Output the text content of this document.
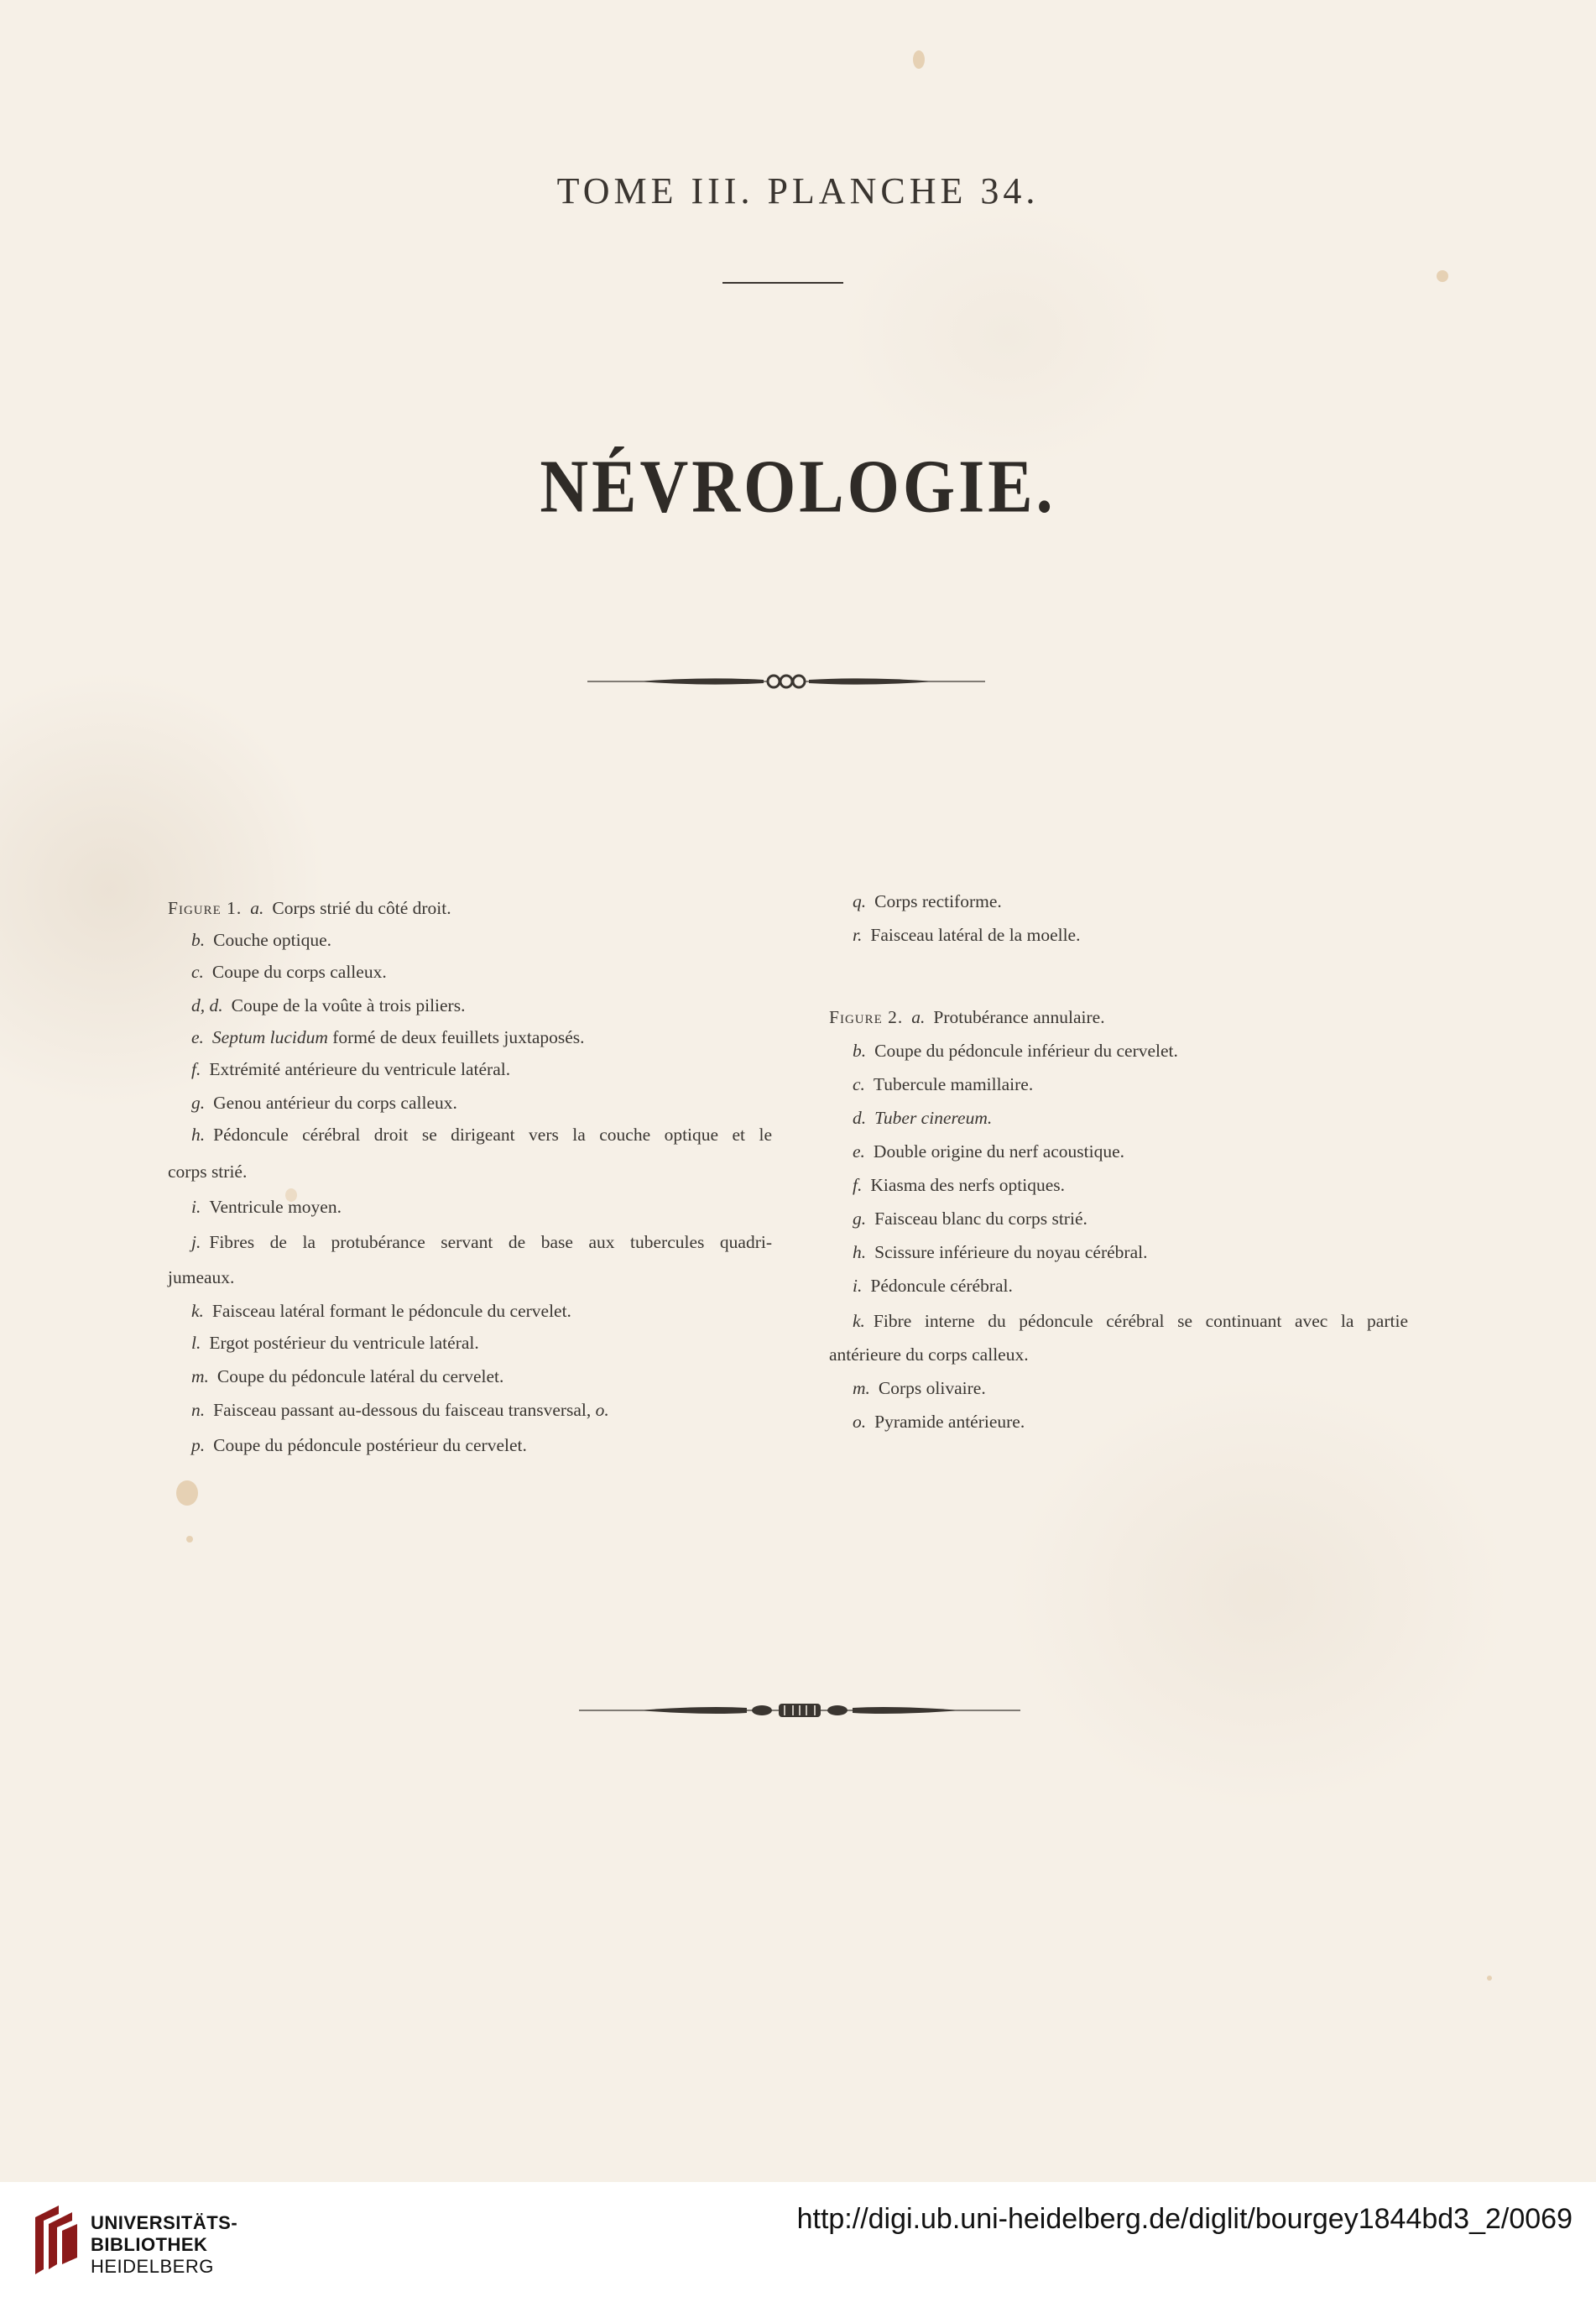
TOME III. PLANCHE 34.
NÉVROLOGIE.
Figure 1. a. Corps strié du côté droit.
b. Couche optique.
c. Coupe du corps calleux.
d, d. Coupe de la voûte à trois piliers.
e. Septum lucidum formé de deux feuillets juxtaposés.
f. Extrémité antérieure du ventricule latéral.
g. Genou antérieur du corps calleux.
h. Pédoncule cérébral droit se dirigeant vers la couche optique et le
corps strié.
i. Ventricule moyen.
j. Fibres de la protubérance servant de base aux tubercules quadri-
jumeaux.
k. Faisceau latéral formant le pédoncule du cervelet.
l. Ergot postérieur du ventricule latéral.
m. Coupe du pédoncule latéral du cervelet.
n. Faisceau passant au-dessous du faisceau transversal, o.
p. Coupe du pédoncule postérieur du cervelet.
q. Corps rectiforme.
r. Faisceau latéral de la moelle.
Figure 2. a. Protubérance annulaire.
b. Coupe du pédoncule inférieur du cervelet.
c. Tubercule mamillaire.
d. Tuber cinereum.
e. Double origine du nerf acoustique.
f. Kiasma des nerfs optiques.
g. Faisceau blanc du corps strié.
h. Scissure inférieure du noyau cérébral.
i. Pédoncule cérébral.
k. Fibre interne du pédoncule cérébral se continuant avec la partie
antérieure du corps calleux.
m. Corps olivaire.
o. Pyramide antérieure.
UNIVERSITÄTS-
BIBLIOTHEK
HEIDELBERG
http://digi.ub.uni-heidelberg.de/diglit/bourgey1844bd3_2/0069
